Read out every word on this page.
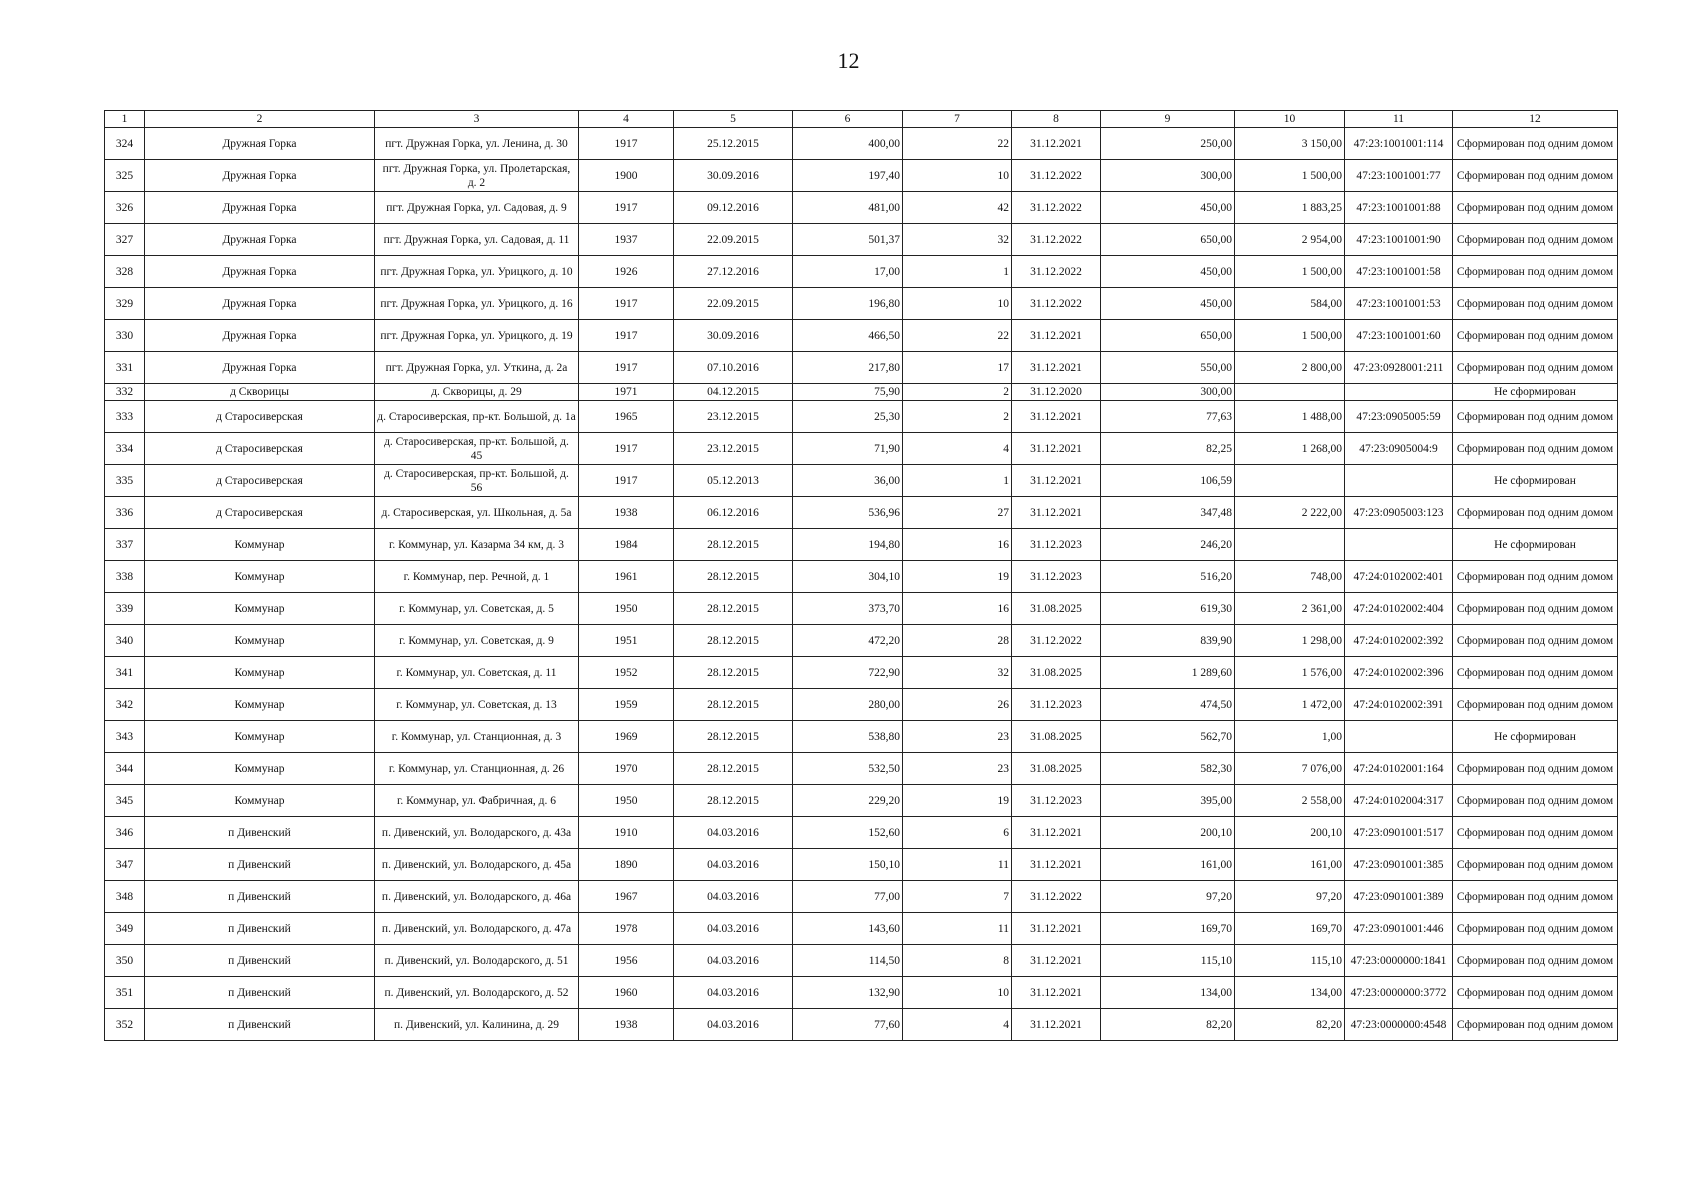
12
1	2	3	4	5	6	7	8	9	10	11	12
324	Дружная Горка	пгт. Дружная Горка, ул. Ленина, д. 30	1917	25.12.2015	400,00	22	31.12.2021	250,00	3 150,00	47:23:1001001:114	Сформирован под одним домом
325	Дружная Горка	пгт. Дружная Горка, ул. Пролетарская, д. 2	1900	30.09.2016	197,40	10	31.12.2022	300,00	1 500,00	47:23:1001001:77	Сформирован под одним домом
326	Дружная Горка	пгт. Дружная Горка, ул. Садовая, д. 9	1917	09.12.2016	481,00	42	31.12.2022	450,00	1 883,25	47:23:1001001:88	Сформирован под одним домом
327	Дружная Горка	пгт. Дружная Горка, ул. Садовая, д. 11	1937	22.09.2015	501,37	32	31.12.2022	650,00	2 954,00	47:23:1001001:90	Сформирован под одним домом
328	Дружная Горка	пгт. Дружная Горка, ул. Урицкого, д. 10	1926	27.12.2016	17,00	1	31.12.2022	450,00	1 500,00	47:23:1001001:58	Сформирован под одним домом
329	Дружная Горка	пгт. Дружная Горка, ул. Урицкого, д. 16	1917	22.09.2015	196,80	10	31.12.2022	450,00	584,00	47:23:1001001:53	Сформирован под одним домом
330	Дружная Горка	пгт. Дружная Горка, ул. Урицкого, д. 19	1917	30.09.2016	466,50	22	31.12.2021	650,00	1 500,00	47:23:1001001:60	Сформирован под одним домом
331	Дружная Горка	пгт. Дружная Горка, ул. Уткина, д. 2а	1917	07.10.2016	217,80	17	31.12.2021	550,00	2 800,00	47:23:0928001:211	Сформирован под одним домом
332	д Скворицы	д. Скворицы, д. 29	1971	04.12.2015	75,90	2	31.12.2020	300,00			Не сформирован
333	д Старосиверская	д. Старосиверская, пр-кт. Большой, д. 1а	1965	23.12.2015	25,30	2	31.12.2021	77,63	1 488,00	47:23:0905005:59	Сформирован под одним домом
334	д Старосиверская	д. Старосиверская, пр-кт. Большой, д. 45	1917	23.12.2015	71,90	4	31.12.2021	82,25	1 268,00	47:23:0905004:9	Сформирован под одним домом
335	д Старосиверская	д. Старосиверская, пр-кт. Большой, д. 56	1917	05.12.2013	36,00	1	31.12.2021	106,59			Не сформирован
336	д Старосиверская	д. Старосиверская, ул. Школьная, д. 5а	1938	06.12.2016	536,96	27	31.12.2021	347,48	2 222,00	47:23:0905003:123	Сформирован под одним домом
337	Коммунар	г. Коммунар, ул. Казарма 34 км, д. 3	1984	28.12.2015	194,80	16	31.12.2023	246,20			Не сформирован
338	Коммунар	г. Коммунар, пер. Речной, д. 1	1961	28.12.2015	304,10	19	31.12.2023	516,20	748,00	47:24:0102002:401	Сформирован под одним домом
339	Коммунар	г. Коммунар, ул. Советская, д. 5	1950	28.12.2015	373,70	16	31.08.2025	619,30	2 361,00	47:24:0102002:404	Сформирован под одним домом
340	Коммунар	г. Коммунар, ул. Советская, д. 9	1951	28.12.2015	472,20	28	31.12.2022	839,90	1 298,00	47:24:0102002:392	Сформирован под одним домом
341	Коммунар	г. Коммунар, ул. Советская, д. 11	1952	28.12.2015	722,90	32	31.08.2025	1 289,60	1 576,00	47:24:0102002:396	Сформирован под одним домом
342	Коммунар	г. Коммунар, ул. Советская, д. 13	1959	28.12.2015	280,00	26	31.12.2023	474,50	1 472,00	47:24:0102002:391	Сформирован под одним домом
343	Коммунар	г. Коммунар, ул. Станционная, д. 3	1969	28.12.2015	538,80	23	31.08.2025	562,70	1,00		Не сформирован
344	Коммунар	г. Коммунар, ул. Станционная, д. 26	1970	28.12.2015	532,50	23	31.08.2025	582,30	7 076,00	47:24:0102001:164	Сформирован под одним домом
345	Коммунар	г. Коммунар, ул. Фабричная, д. 6	1950	28.12.2015	229,20	19	31.12.2023	395,00	2 558,00	47:24:0102004:317	Сформирован под одним домом
346	п Дивенский	п. Дивенский, ул. Володарского, д. 43а	1910	04.03.2016	152,60	6	31.12.2021	200,10	200,10	47:23:0901001:517	Сформирован под одним домом
347	п Дивенский	п. Дивенский, ул. Володарского, д. 45а	1890	04.03.2016	150,10	11	31.12.2021	161,00	161,00	47:23:0901001:385	Сформирован под одним домом
348	п Дивенский	п. Дивенский, ул. Володарского, д. 46а	1967	04.03.2016	77,00	7	31.12.2022	97,20	97,20	47:23:0901001:389	Сформирован под одним домом
349	п Дивенский	п. Дивенский, ул. Володарского, д. 47а	1978	04.03.2016	143,60	11	31.12.2021	169,70	169,70	47:23:0901001:446	Сформирован под одним домом
350	п Дивенский	п. Дивенский, ул. Володарского, д. 51	1956	04.03.2016	114,50	8	31.12.2021	115,10	115,10	47:23:0000000:1841	Сформирован под одним домом
351	п Дивенский	п. Дивенский, ул. Володарского, д. 52	1960	04.03.2016	132,90	10	31.12.2021	134,00	134,00	47:23:0000000:3772	Сформирован под одним домом
352	п Дивенский	п. Дивенский, ул. Калинина, д. 29	1938	04.03.2016	77,60	4	31.12.2021	82,20	82,20	47:23:0000000:4548	Сформирован под одним домом
